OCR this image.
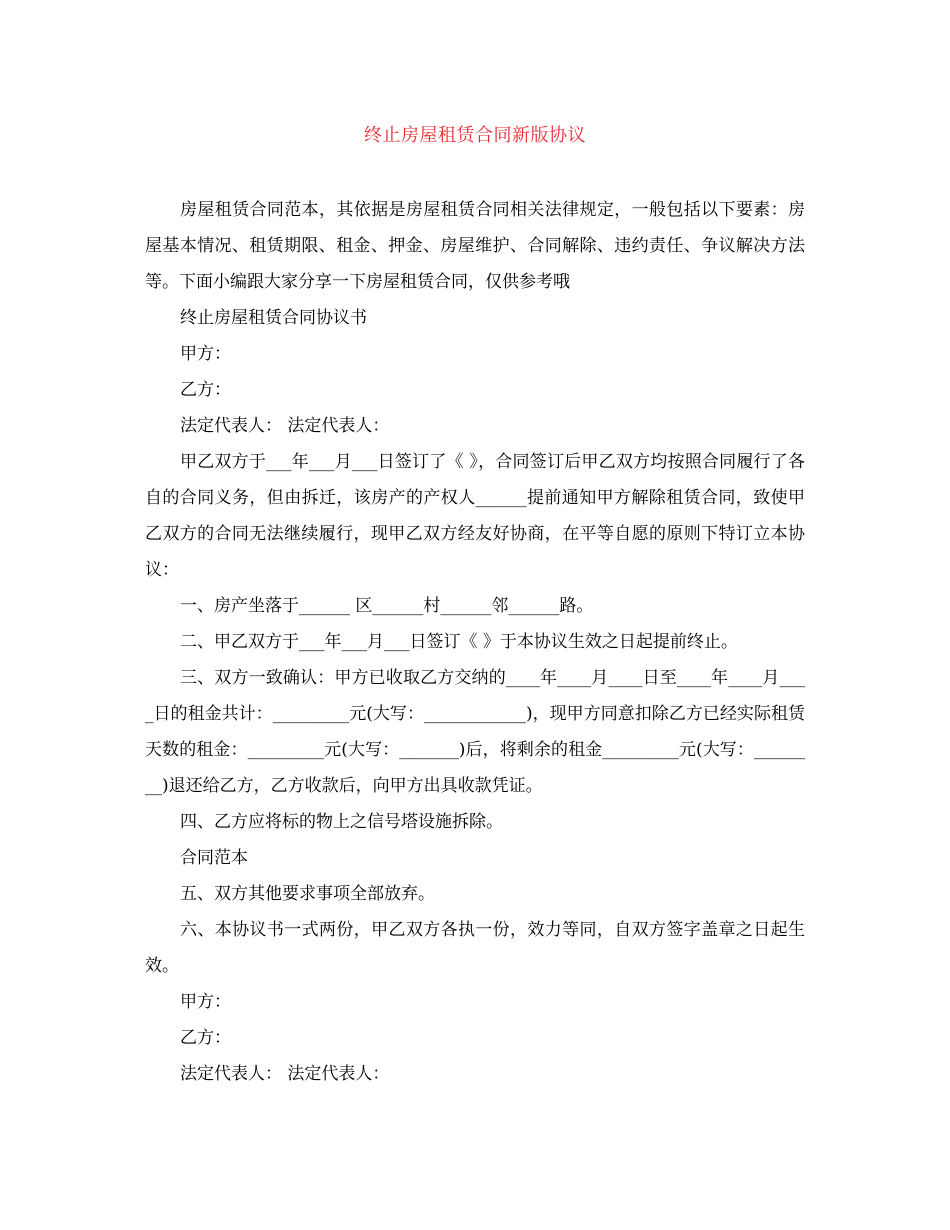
终止房屋租赁合同新版协议

房屋租赁合同范本，其依据是房屋租赁合同相关法律规定，一般包括以下要素：房屋基本情况、租赁期限、租金、押金、房屋维护、合同解除、违约责任、争议解决方法等。下面小编跟大家分享一下房屋租赁合同，仅供参考哦

终止房屋租赁合同协议书

甲方：

乙方：

法定代表人： 法定代表人：

甲乙双方于___年___月___日签订了《 》，合同签订后甲乙双方均按照合同履行了各自的合同义务，但由拆迁，该房产的产权人______提前通知甲方解除租赁合同，致使甲乙双方的合同无法继续履行，现甲乙双方经友好协商，在平等自愿的原则下特订立本协议：

一、房产坐落于______ 区______村______邻______路。

二、甲乙双方于___年___月___日签订《 》于本协议生效之日起提前终止。

三、双方一致确认：甲方已收取乙方交纳的____年____月____日至____年____月____日的租金共计：_________元(大写：____________)，现甲方同意扣除乙方已经实际租赁天数的租金：_________元(大写：_______)后，将剩余的租金_________元(大写：________)退还给乙方，乙方收款后，向甲方出具收款凭证。

四、乙方应将标的物上之信号塔设施拆除。

合同范本

五、双方其他要求事项全部放弃。

六、本协议书一式两份，甲乙双方各执一份，效力等同，自双方签字盖章之日起生效。

甲方：

乙方：

法定代表人： 法定代表人：
